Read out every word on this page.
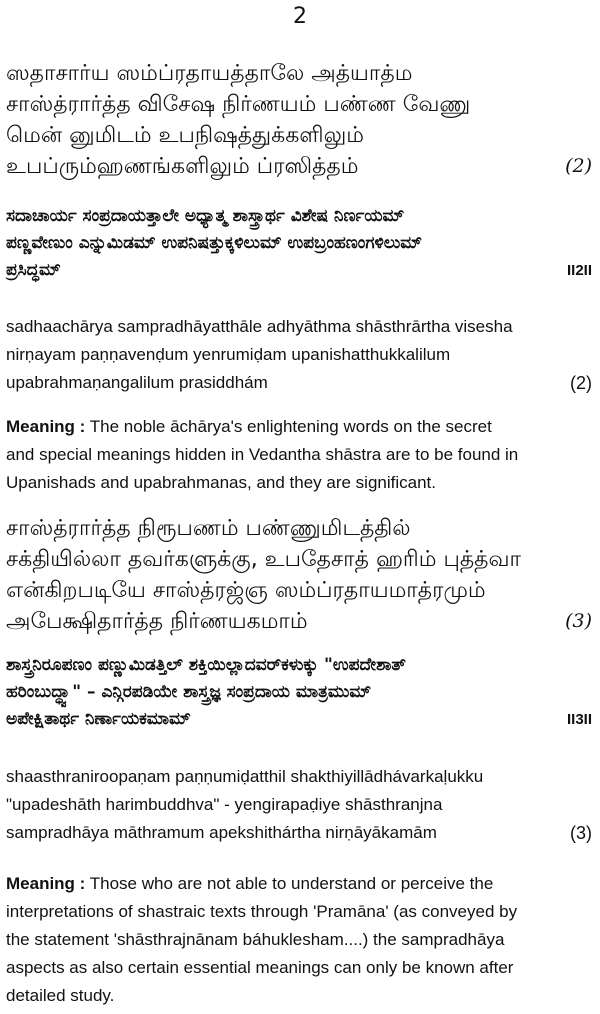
2
ஸதாசார்ய ஸம்ப்ரதாயத்தாலே அத்யாத்ம
சாஸ்த்ரார்த்த விசேஷ நிர்ணயம் பண்ண வேணு
மென் னுமிடம் உபநிஷத்துக்களிலும்
உபப்ரும்ஹணங்களிலும் ப்ரஸித்தம்	(2)
ಸದಾಚಾರ್ಯ ಸಂಪ್ರದಾಯತ್ತಾಲೇ ಅಧ್ಯಾತ್ಮ ಶಾಸ್ತ್ರಾರ್ಥ ವಿಶೇಷ ನಿರ್ಣಯಮ್
ಪಣ್ಣವೇಣುಂ ಎನ್ನುಮಿಡಮ್ ಉಪನಿಷತ್ತುಕ್ಕಳಿಲುಮ್ ಉಪಬ್ರಂಹಣಂಗಳಿಲುಮ್
ಪ್ರಸಿದ್ಧಮ್	II2II
sadhaachārya sampradhāyatthāle adhyāthma shāsthrārtha visesha
nirṇayam paṇṇavenḍum yenrumiḍam upanishatthukkalilum
upabrahmaṇangalilum prasiddhám	(2)
Meaning : The noble āchārya's enlightening words on the secret
and special meanings hidden in Vedantha shāstra are to be found in
Upanishads and upabrahmanas, and they are significant.
சாஸ்த்ரார்த்த நிரூபணம் பண்ணுமிடத்தில்
சக்தியில்லா தவர்களுக்கு, உபதேசாத் ஹரிம் புத்த்வா
என்கிறபடியே சாஸ்த்ரஜ்ஞ ஸம்ப்ரதாயமாத்ரமும்
அபேக்ஷிதார்த்த நிர்ணயகமாம்	(3)
ಶಾಸ್ತ್ರನಿರೂಪಣಂ ಪಣ್ಣುಮಿಡತ್ತಿಲ್ ಶಕ್ತಿಯಿಲ್ಲಾದವರ್‌ಕಳುಕ್ಕು "ಉಪದೇಶಾತ್
ಹರಿಂಬುದ್ಧ್ವಾ" – ಎನ್ಗಿರಪಡಿಯೇ ಶಾಸ್ತ್ರಜ್ಞ ಸಂಪ್ರದಾಯ ಮಾತ್ರಮುಮ್
ಅಪೇಕ್ಷಿತಾರ್ಥ ನಿರ್ಣಾಯಕಮಾಮ್	II3II
shaasthraniroopaṇam paṇṇumiḍatthil shakthiyillādhávarkaḷukku
"upadeshāth harimbuddhva" - yengirapaḍiye shāsthranjna
sampradhāya māthramum apekshithártha nirṇāyākamām	(3)
Meaning : Those who are not able to understand or perceive the
interpretations of shastraic texts through 'Pramāna' (as conveyed by
the statement 'shāsthrajnānam báhuklesham....) the sampradhāya
aspects as also certain essential meanings can only be known after
detailed study.
